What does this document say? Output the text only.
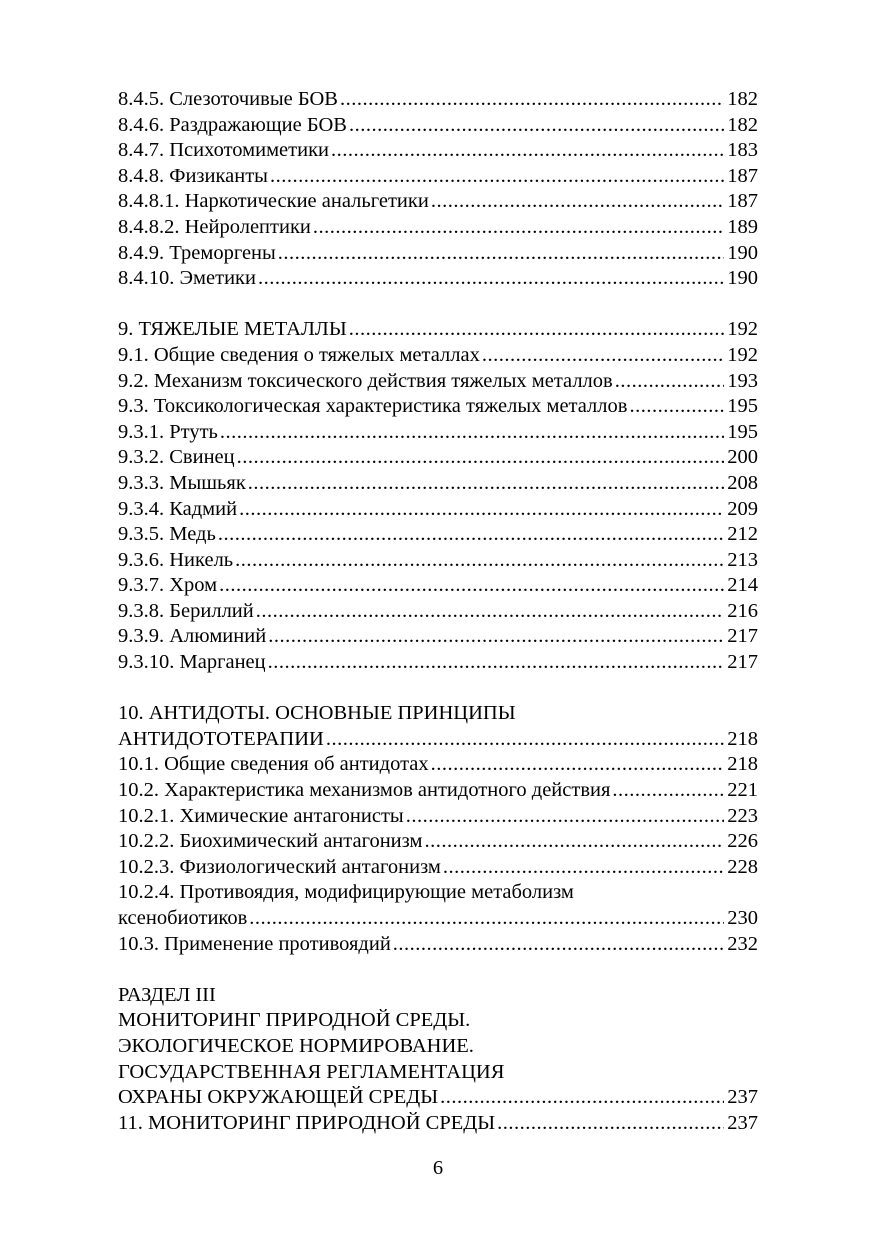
8.4.5. Слезоточивые БОВ .....	182
8.4.6. Раздражающие БОВ .....	182
8.4.7. Психотомиметики .....	183
8.4.8. Физиканты .....	187
8.4.8.1. Наркотические анальгетики .....	187
8.4.8.2. Нейролептики .....	189
8.4.9. Треморгены .....	190
8.4.10. Эметики .....	190
9. ТЯЖЕЛЫЕ МЕТАЛЛЫ .....	192
9.1. Общие сведения о тяжелых металлах .....	192
9.2. Механизм токсического действия тяжелых металлов .....	193
9.3. Токсикологическая характеристика тяжелых металлов .....	195
9.3.1. Ртуть .....	195
9.3.2. Свинец .....	200
9.3.3. Мышьяк .....	208
9.3.4. Кадмий .....	209
9.3.5. Медь .....	212
9.3.6. Никель .....	213
9.3.7. Хром .....	214
9.3.8. Бериллий .....	216
9.3.9. Алюминий .....	217
9.3.10. Марганец .....	217
10. АНТИДОТЫ. ОСНОВНЫЕ ПРИНЦИПЫ
АНТИДОТОТЕРАПИИ .....	218
10.1. Общие сведения об антидотах .....	218
10.2. Характеристика механизмов антидотного действия .....	221
10.2.1. Химические антагонисты .....	223
10.2.2. Биохимический антагонизм .....	226
10.2.3. Физиологический антагонизм .....	228
10.2.4. Противоядия, модифицирующие метаболизм
ксенобиотиков .....	230
10.3. Применение противоядий .....	232
РАЗДЕЛ III
МОНИТОРИНГ ПРИРОДНОЙ СРЕДЫ.
ЭКОЛОГИЧЕСКОЕ НОРМИРОВАНИЕ.
ГОСУДАРСТВЕННАЯ РЕГЛАМЕНТАЦИЯ
ОХРАНЫ ОКРУЖАЮЩЕЙ СРЕДЫ .....	237
11. МОНИТОРИНГ ПРИРОДНОЙ СРЕДЫ .....	237
6
